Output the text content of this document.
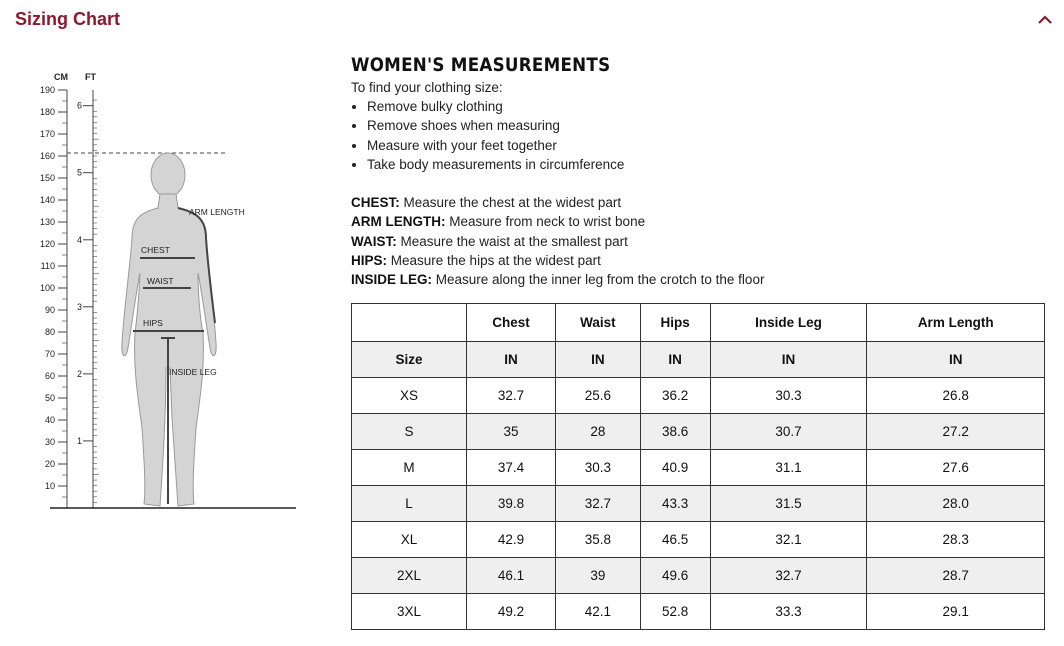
Sizing Chart
CM FT
190
180
170
160
150
140
130
120
110
100
90
80
70
60
50
40
30
20
10
6
5
4
3
2
1
ARM LENGTH
CHEST
WAIST
HIPS
INSIDE LEG
WOMEN'S MEASUREMENTS

To find your clothing size:

• Remove bulky clothing
• Remove shoes when measuring
• Measure with your feet together
• Take body measurements in circumference
CHEST: Measure the chest at the widest part
ARM LENGTH: Measure from neck to wrist bone
WAIST: Measure the waist at the smallest part
HIPS: Measure the hips at the widest part
INSIDE LEG: Measure along the inner leg from the crotch to the floor
	Chest	Waist	Hips	Inside Leg	Arm Length
Size	IN	IN	IN	IN	IN
XS	32.7	25.6	36.2	30.3	26.8
S	35	28	38.6	30.7	27.2
M	37.4	30.3	40.9	31.1	27.6
L	39.8	32.7	43.3	31.5	28.0
XL	42.9	35.8	46.5	32.1	28.3
2XL	46.1	39	49.6	32.7	28.7
3XL	49.2	42.1	52.8	33.3	29.1
